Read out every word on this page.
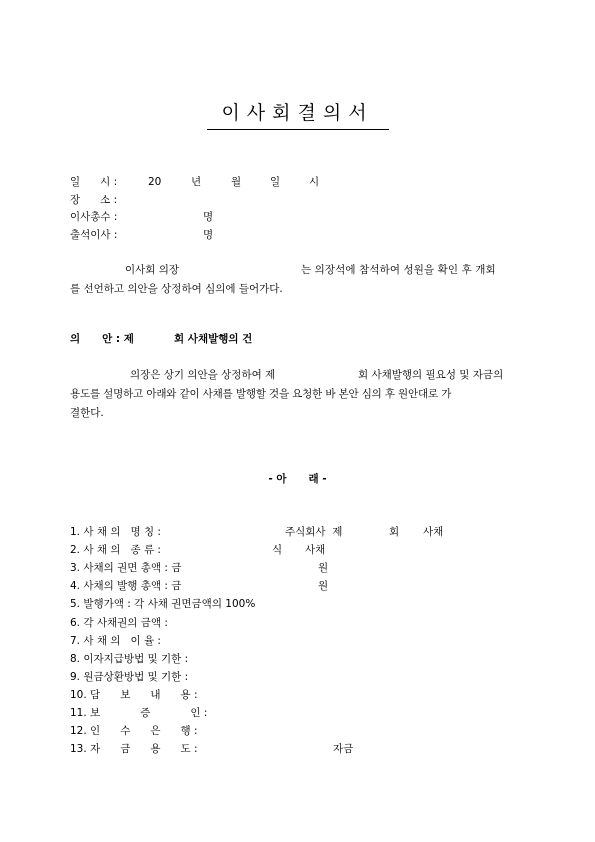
이사회결의서
일      시 :	20	년	월	일	시
장      소 :
이사총수 :	명
출석이사 :	명
이사회 의장	는 의장석에 참석하여 성원을 확인 후 개회
를 선언하고 의안을 상정하여 심의에 들어가다.
의      안 : 제	회 사채발행의 건
의장은 상기 의안을 상정하여 제	회 사채발행의 필요성 및 자금의
용도를 설명하고 아래와 같이 사채를 발행할 것을 요청한 바 본안 심의 후 원안대로 가
결한다.
- 아      래 -
1. 사 채 의   명 칭 :	주식회사  제	회 사채
2. 사 채 의   종 류 :	식 사채
3. 사채의 권면 총액 : 금	원
4. 사채의 발행 총액 : 금	원
5. 발행가액 : 각 사채 권면금액의 100%
6. 각 사채권의 금액 :
7. 사 채 의   이 율 :
8. 이자지급방법 및 기한 :
9. 원금상환방법 및 기한 :
10. 담      보      내      용 :
11. 보            증            인 :
12. 인      수      은      행 :
13. 자      금      용      도 :	자금
